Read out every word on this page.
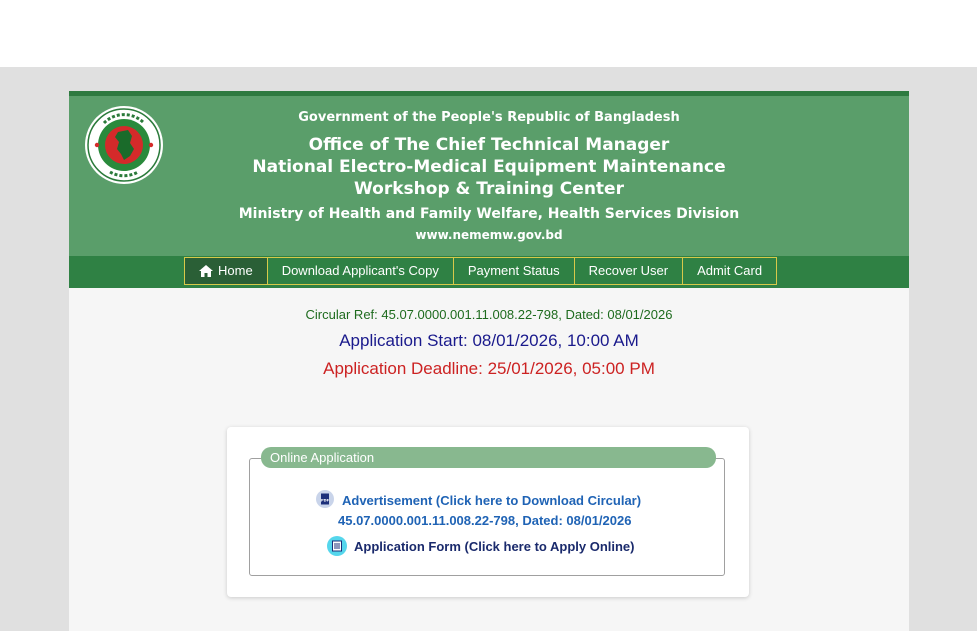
Government of the People's Republic of Bangladesh
Office of The Chief Technical Manager
National Electro-Medical Equipment Maintenance
Workshop & Training Center
Ministry of Health and Family Welfare, Health Services Division
www.nememw.gov.bd
Home Download Applicant's Copy Payment Status Recover User Admit Card
Circular Ref: 45.07.0000.001.11.008.22-798, Dated: 08/01/2026
Application Start: 08/01/2026, 10:00 AM
Application Deadline: 25/01/2026, 05:00 PM
Online Application
PDF Advertisement (Click here to Download Circular)
45.07.0000.001.11.008.22-798, Dated: 08/01/2026
Application Form (Click here to Apply Online)
